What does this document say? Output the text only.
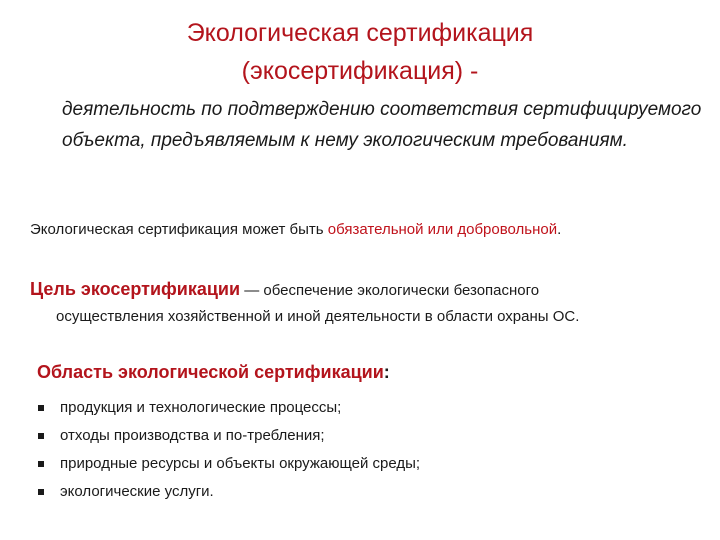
Экологическая сертификация
(экосертификация) -
деятельность по подтверждению соответствия сертифицируемого объекта, предъявляемым к нему экологическим требованиям.
Экологическая сертификация может быть обязательной или добровольной.
Цель экосертификации — обеспечение экологически безопасного
осуществления хозяйственной и иной деятельности в области охраны ОС.
Область экологической сертификации:
продукция и технологические процессы;
отходы производства и по-требления;
природные ресурсы и объекты окружающей среды;
экологические услуги.
